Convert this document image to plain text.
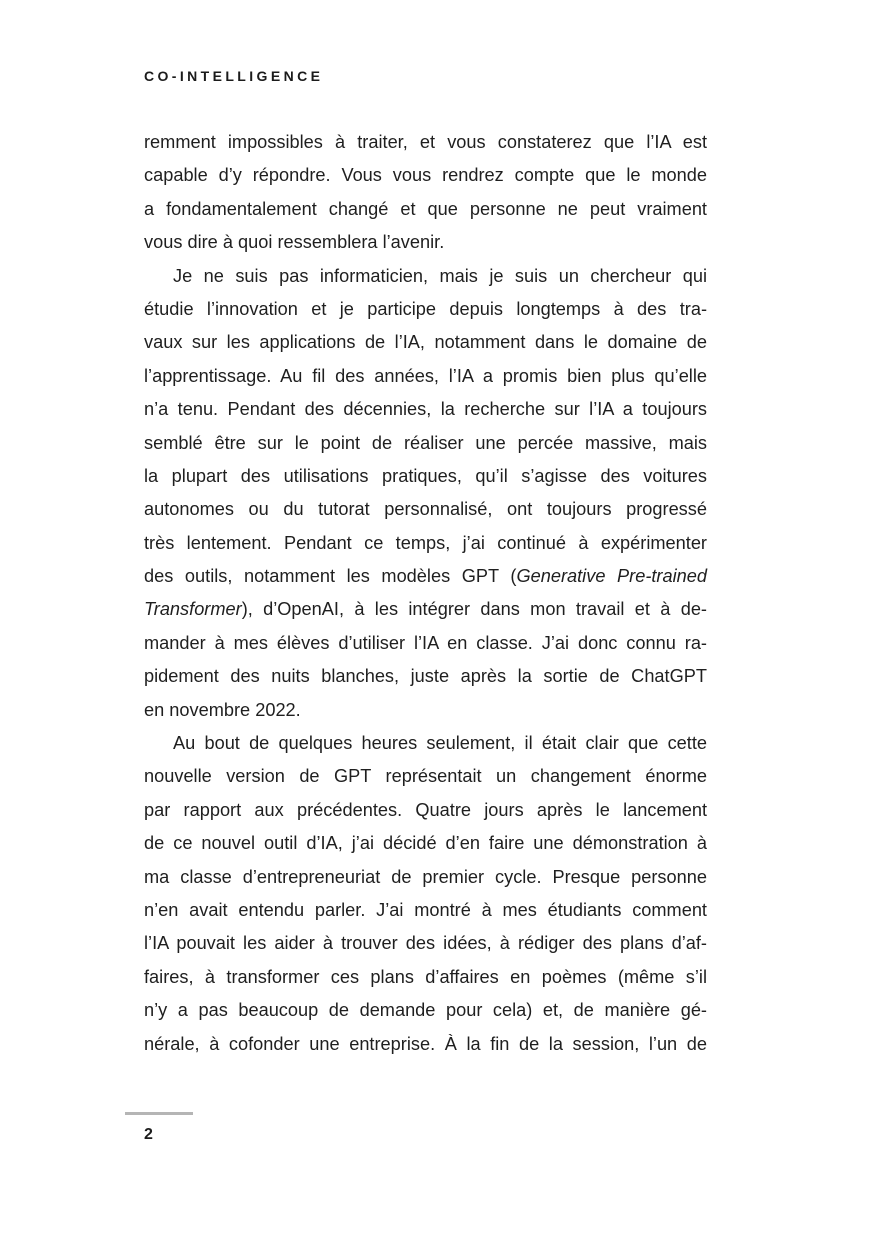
CO-INTELLIGENCE

remment impossibles à traiter, et vous constaterez que l’IA est
capable d’y répondre. Vous vous rendrez compte que le monde
a fondamentalement changé et que personne ne peut vraiment
vous dire à quoi ressemblera l’avenir.

Je ne suis pas informaticien, mais je suis un chercheur qui
étudie l’innovation et je participe depuis longtemps à des tra-
vaux sur les applications de l’IA, notamment dans le domaine de
l’apprentissage. Au fil des années, l’IA a promis bien plus qu’elle
n’a tenu. Pendant des décennies, la recherche sur l’IA a toujours
semblé être sur le point de réaliser une percée massive, mais
la plupart des utilisations pratiques, qu’il s’agisse des voitures
autonomes ou du tutorat personnalisé, ont toujours progressé
très lentement. Pendant ce temps, j’ai continué à expérimenter
des outils, notamment les modèles GPT (Generative Pre-trained
Transformer), d’OpenAI, à les intégrer dans mon travail et à de-
mander à mes élèves d’utiliser l’IA en classe. J’ai donc connu ra-
pidement des nuits blanches, juste après la sortie de ChatGPT
en novembre 2022.

Au bout de quelques heures seulement, il était clair que cette
nouvelle version de GPT représentait un changement énorme
par rapport aux précédentes. Quatre jours après le lancement
de ce nouvel outil d’IA, j’ai décidé d’en faire une démonstration à
ma classe d’entrepreneuriat de premier cycle. Presque personne
n’en avait entendu parler. J’ai montré à mes étudiants comment
l’IA pouvait les aider à trouver des idées, à rédiger des plans d’af-
faires, à transformer ces plans d’affaires en poèmes (même s’il
n’y a pas beaucoup de demande pour cela) et, de manière gé-
nérale, à cofonder une entreprise. À la fin de la session, l’un de

2
